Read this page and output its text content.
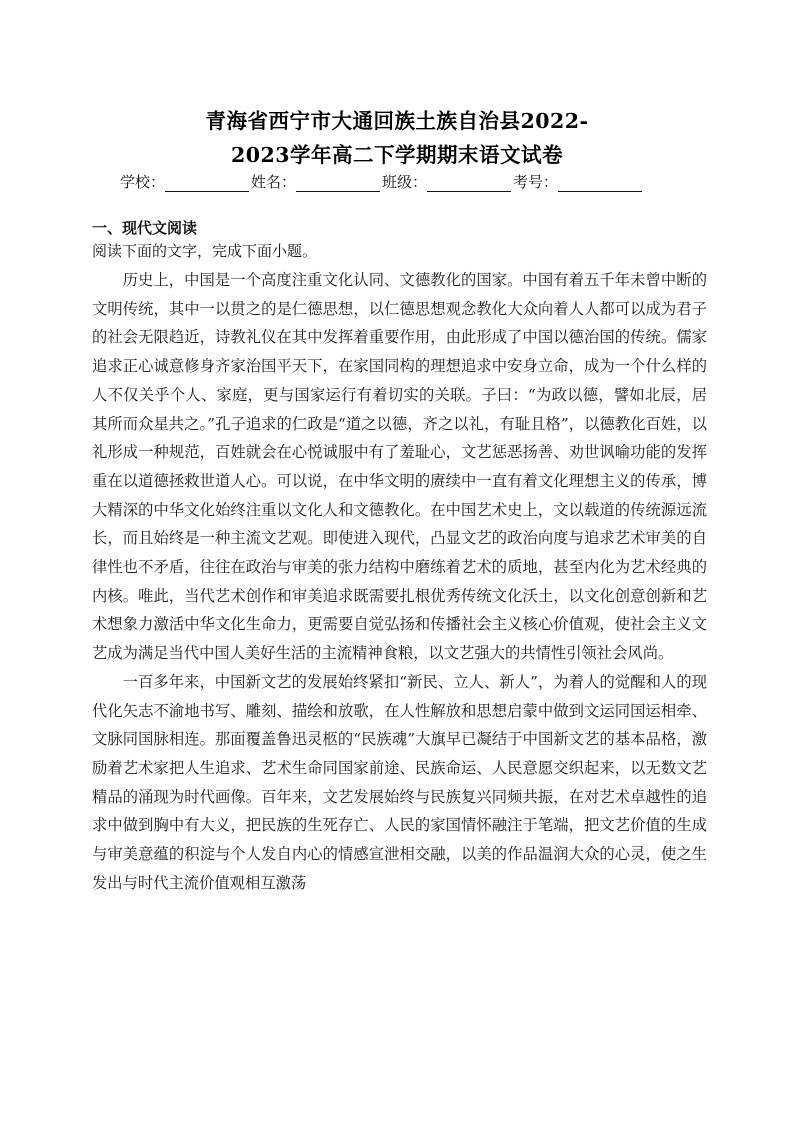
青海省西宁市大通回族土族自治县2022-
2023学年高二下学期期末语文试卷
学校：	姓名：	班级：	考号：
一、现代文阅读
阅读下面的文字，完成下面小题。

历史上，中国是一个高度注重文化认同、文德教化的国家。中国有着五千年未曾中断的文明传统，其中一以贯之的是仁德思想，以仁德思想观念教化大众向着人人都可以成为君子的社会无限趋近，诗教礼仪在其中发挥着重要作用，由此形成了中国以德治国的传统。儒家追求正心诚意修身齐家治国平天下，在家国同构的理想追求中安身立命，成为一个什么样的人不仅关乎个人、家庭，更与国家运行有着切实的关联。子曰：“为政以德，譬如北辰，居其所而众星共之。”孔子追求的仁政是“道之以德，齐之以礼，有耻且格”，以德教化百姓，以礼形成一种规范，百姓就会在心悦诚服中有了羞耻心，文艺惩恶扬善、劝世讽喻功能的发挥重在以道德拯救世道人心。可以说，在中华文明的赓续中一直有着文化理想主义的传承，博大精深的中华文化始终注重以文化人和文德教化。在中国艺术史上，文以载道的传统源远流长，而且始终是一种主流文艺观。即使进入现代，凸显文艺的政治向度与追求艺术审美的自律性也不矛盾，往往在政治与审美的张力结构中磨练着艺术的质地，甚至内化为艺术经典的内核。唯此，当代艺术创作和审美追求既需要扎根优秀传统文化沃土，以文化创意创新和艺术想象力激活中华文化生命力，更需要自觉弘扬和传播社会主义核心价值观，使社会主义文艺成为满足当代中国人美好生活的主流精神食粮，以文艺强大的共情性引领社会风尚。

一百多年来，中国新文艺的发展始终紧扣“新民、立人、新人”，为着人的觉醒和人的现代化矢志不渝地书写、雕刻、描绘和放歌，在人性解放和思想启蒙中做到文运同国运相牵、文脉同国脉相连。那面覆盖鲁迅灵柩的“民族魂”大旗早已凝结于中国新文艺的基本品格，激励着艺术家把人生追求、艺术生命同国家前途、民族命运、人民意愿交织起来，以无数文艺精品的涌现为时代画像。百年来，文艺发展始终与民族复兴同频共振，在对艺术卓越性的追求中做到胸中有大义，把民族的生死存亡、人民的家国情怀融注于笔端，把文艺价值的生成与审美意蕴的积淀与个人发自内心的情感宣泄相交融，以美的作品温润大众的心灵，使之生发出与时代主流价值观相互激荡
